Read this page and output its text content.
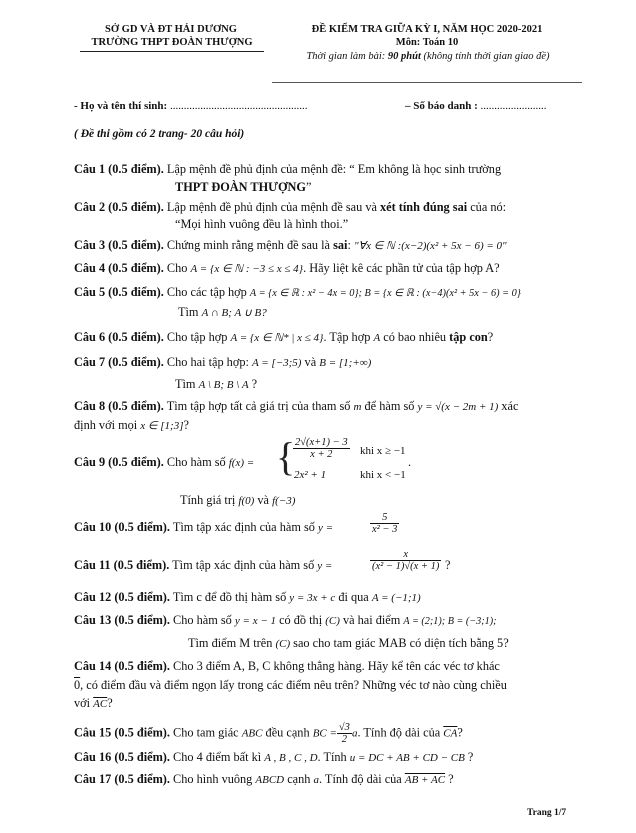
SỞ GD VÀ ĐT HẢI DƯƠNG
TRƯỜNG THPT ĐOÀN THƯỢNG
ĐỀ KIỂM TRA GIỮA KỲ I, NĂM HỌC 2020-2021
Môn: Toán 10
Thời gian làm bài: 90 phút (không tính thời gian giao đề)
- Họ và tên thí sinh: ..................................................	– Số báo danh : ........................
( Đề thi gồm có 2 trang- 20 câu hỏi)
Câu 1 (0.5 điểm). Lập mệnh đề phủ định của mệnh đề: “ Em không là học sinh trường
THPT ĐOÀN THƯỢNG”
Câu 2 (0.5 điểm). Lập mệnh đề phủ định của mệnh đề sau và xét tính đúng sai của nó:
“Mọi hình vuông đều là hình thoi.”
Câu 3 (0.5 điểm). Chứng minh rằng mệnh đề sau là sai: "∀x ∈ ℕ :(x−2)(x² + 5x − 6) = 0"
Câu 4 (0.5 điểm). Cho A = {x ∈ ℕ : −3 ≤ x ≤ 4}. Hãy liệt kê các phần tử của tập hợp A?
Câu 5 (0.5 điểm). Cho các tập hợp A = {x ∈ ℝ : x² − 4x = 0}; B = {x ∈ ℝ : (x−4)(x² + 5x − 6) = 0}
Tìm A ∩ B; A ∪ B?
Câu 6 (0.5 điểm). Cho tập hợp A = {x ∈ ℕ* | x ≤ 4}. Tập hợp A có bao nhiêu tập con?
Câu 7 (0.5 điểm). Cho hai tập hợp: A = [−3;5) và B = [1;+∞)
Tìm A \ B; B \ A ?
Câu 8 (0.5 điểm). Tìm tập hợp tất cả giá trị của tham số m để hàm số y = √(x − 2m + 1) xác
định với mọi x ∈ [1;3]?
Câu 9 (0.5 điểm). Cho hàm số f(x) = {
$\frac{2√(x+1) - 3}{x + 2}$ khi x ≥ −1
2x² + 1	khi x < −1
.
Tính giá trị f(0) và f(−3)
Câu 10 (0.5 điểm). Tìm tập xác định của hàm số y =	$\frac{5}{\text{x² − 3}}$
Câu 11 (0.5 điểm). Tìm tập xác định của hàm số y =	$\frac{x}{\text{(x² − 1)√(x + 1)}}$ ?
Câu 12 (0.5 điểm). Tìm c để đồ thị hàm số y = 3x + c đi qua A = (−1;1)
Câu 13 (0.5 điểm). Cho hàm số y = x − 1 có đồ thị (C) và hai điểm A = (2;1); B = (−3;1);
Tìm điểm M trên (C) sao cho tam giác MAB có diện tích bằng 5?
Câu 14 (0.5 điểm). Cho 3 điểm A, B, C không thẳng hàng. Hãy kể tên các véc tơ khác
0, có điểm đầu và điểm ngọn lấy trong các điểm nêu trên? Những véc tơ nào cùng chiều
với $\overline{AC}$?
Câu 15 (0.5 điểm). Cho tam giác ABC đều cạnh BC = $\frac{√3}{2} a$. Tính độ dài của $\overline{CA}$?
Câu 16 (0.5 điểm). Cho 4 điểm bất kì A , B , C , D. Tính u = DC + AB + CD − CB ?
Câu 17 (0.5 điểm). Cho hình vuông ABCD cạnh a. Tính độ dài của AB + AC ?
Trang 1/7
